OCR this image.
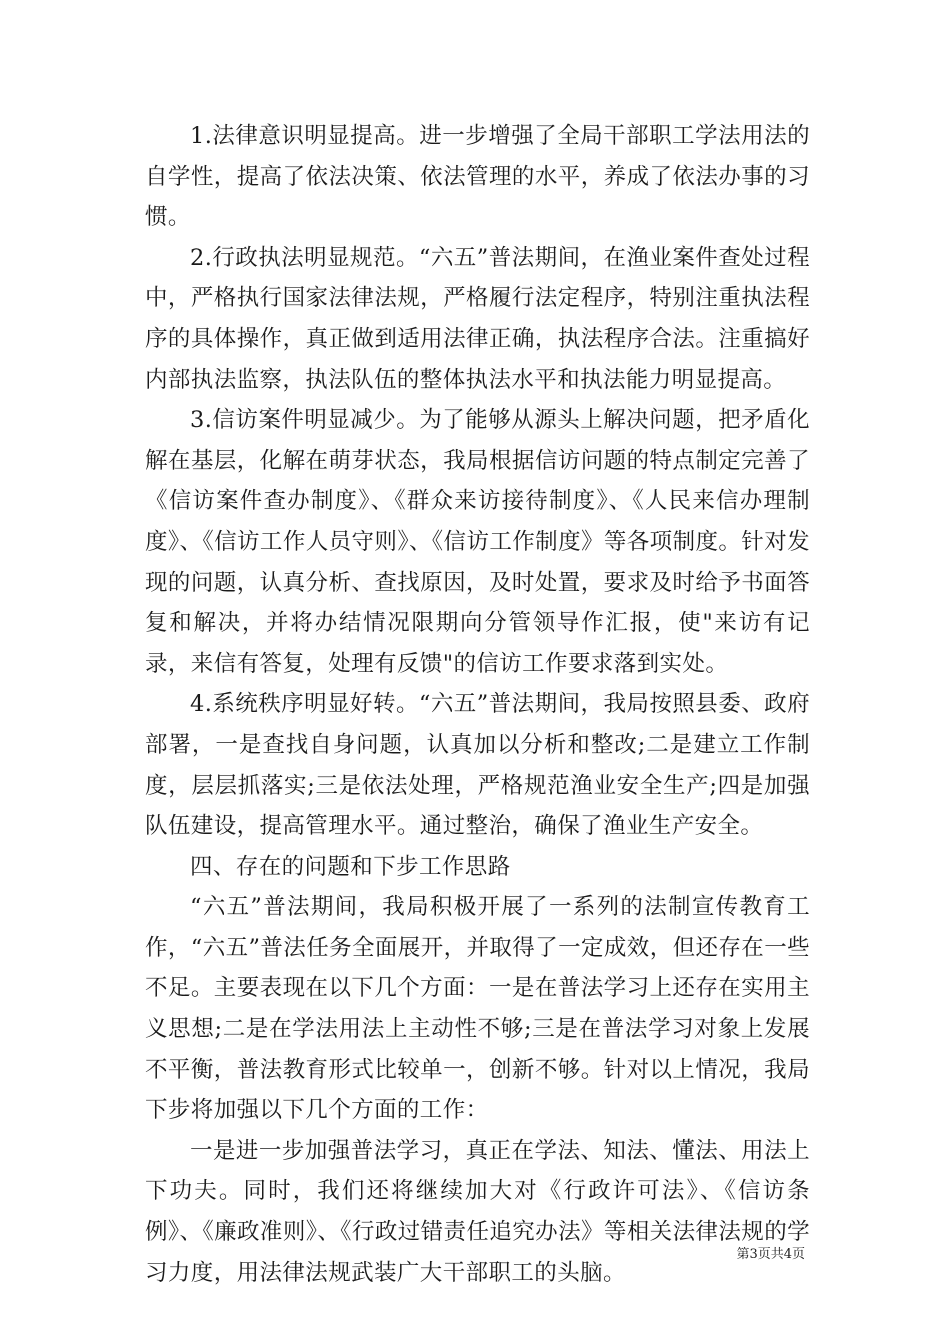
1.法律意识明显提高。进一步增强了全局干部职工学法用法的自学性，提高了依法决策、依法管理的水平，养成了依法办事的习惯。

2.行政执法明显规范。“六五”普法期间，在渔业案件查处过程中，严格执行国家法律法规，严格履行法定程序，特别注重执法程序的具体操作，真正做到适用法律正确，执法程序合法。注重搞好内部执法监察，执法队伍的整体执法水平和执法能力明显提高。

3.信访案件明显减少。为了能够从源头上解决问题，把矛盾化解在基层，化解在萌芽状态，我局根据信访问题的特点制定完善了《信访案件查办制度》、《群众来访接待制度》、《人民来信办理制度》、《信访工作人员守则》、《信访工作制度》等各项制度。针对发现的问题，认真分析、查找原因，及时处置，要求及时给予书面答复和解决，并将办结情况限期向分管领导作汇报，使"来访有记录，来信有答复，处理有反馈"的信访工作要求落到实处。

4.系统秩序明显好转。“六五”普法期间，我局按照县委、政府部署，一是查找自身问题，认真加以分析和整改;二是建立工作制度，层层抓落实;三是依法处理，严格规范渔业安全生产;四是加强队伍建设，提高管理水平。通过整治，确保了渔业生产安全。

四、存在的问题和下步工作思路

“六五”普法期间，我局积极开展了一系列的法制宣传教育工作，“六五”普法任务全面展开，并取得了一定成效，但还存在一些不足。主要表现在以下几个方面：一是在普法学习上还存在实用主义思想;二是在学法用法上主动性不够;三是在普法学习对象上发展不平衡，普法教育形式比较单一，创新不够。针对以上情况，我局下步将加强以下几个方面的工作：

一是进一步加强普法学习，真正在学法、知法、懂法、用法上下功夫。同时，我们还将继续加大对《行政许可法》、《信访条例》、《廉政准则》、《行政过错责任追究办法》等相关法律法规的学习力度，用法律法规武装广大干部职工的头脑。

第3页共4页
